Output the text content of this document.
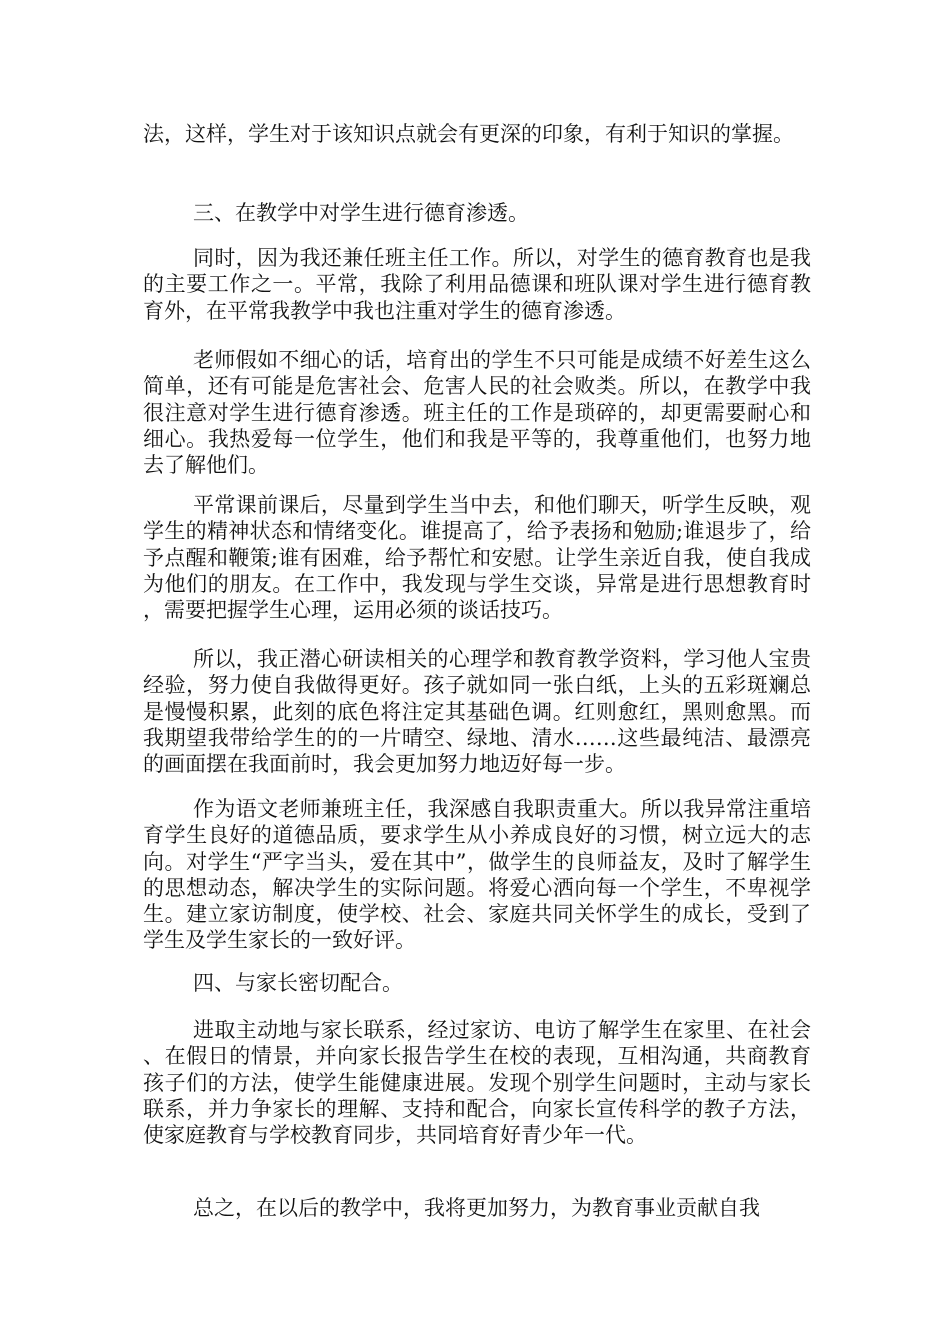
法，这样，学生对于该知识点就会有更深的印象，有利于知识的掌握。

三、在教学中对学生进行德育渗透。

同时，因为我还兼任班主任工作。所以，对学生的德育教育也是我的主要工作之一。平常，我除了利用品德课和班队课对学生进行德育教育外，在平常我教学中我也注重对学生的德育渗透。

老师假如不细心的话，培育出的学生不只可能是成绩不好差生这么简单，还有可能是危害社会、危害人民的社会败类。所以，在教学中我很注意对学生进行德育渗透。班主任的工作是琐碎的，却更需要耐心和细心。我热爱每一位学生，他们和我是平等的，我尊重他们，也努力地去了解他们。

平常课前课后，尽量到学生当中去，和他们聊天，听学生反映，观学生的精神状态和情绪变化。谁提高了，给予表扬和勉励;谁退步了，给予点醒和鞭策;谁有困难，给予帮忙和安慰。让学生亲近自我，使自我成为他们的朋友。在工作中，我发现与学生交谈，异常是进行思想教育时，需要把握学生心理，运用必须的谈话技巧。

所以，我正潜心研读相关的心理学和教育教学资料，学习他人宝贵经验，努力使自我做得更好。孩子就如同一张白纸，上头的五彩斑斓总是慢慢积累，此刻的底色将注定其基础色调。红则愈红，黑则愈黑。而我期望我带给学生的的一片晴空、绿地、清水……这些最纯洁、最漂亮的画面摆在我面前时，我会更加努力地迈好每一步。

作为语文老师兼班主任，我深感自我职责重大。所以我异常注重培育学生良好的道德品质，要求学生从小养成良好的习惯，树立远大的志向。对学生“严字当头，爱在其中”，做学生的良师益友，及时了解学生的思想动态，解决学生的实际问题。将爱心洒向每一个学生，不卑视学生。建立家访制度，使学校、社会、家庭共同关怀学生的成长，受到了学生及学生家长的一致好评。

四、与家长密切配合。

进取主动地与家长联系，经过家访、电访了解学生在家里、在社会、在假日的情景，并向家长报告学生在校的表现，互相沟通，共商教育孩子们的方法，使学生能健康进展。发现个别学生问题时，主动与家长联系，并力争家长的理解、支持和配合，向家长宣传科学的教子方法，使家庭教育与学校教育同步，共同培育好青少年一代。

总之，在以后的教学中，我将更加努力，为教育事业贡献自我
